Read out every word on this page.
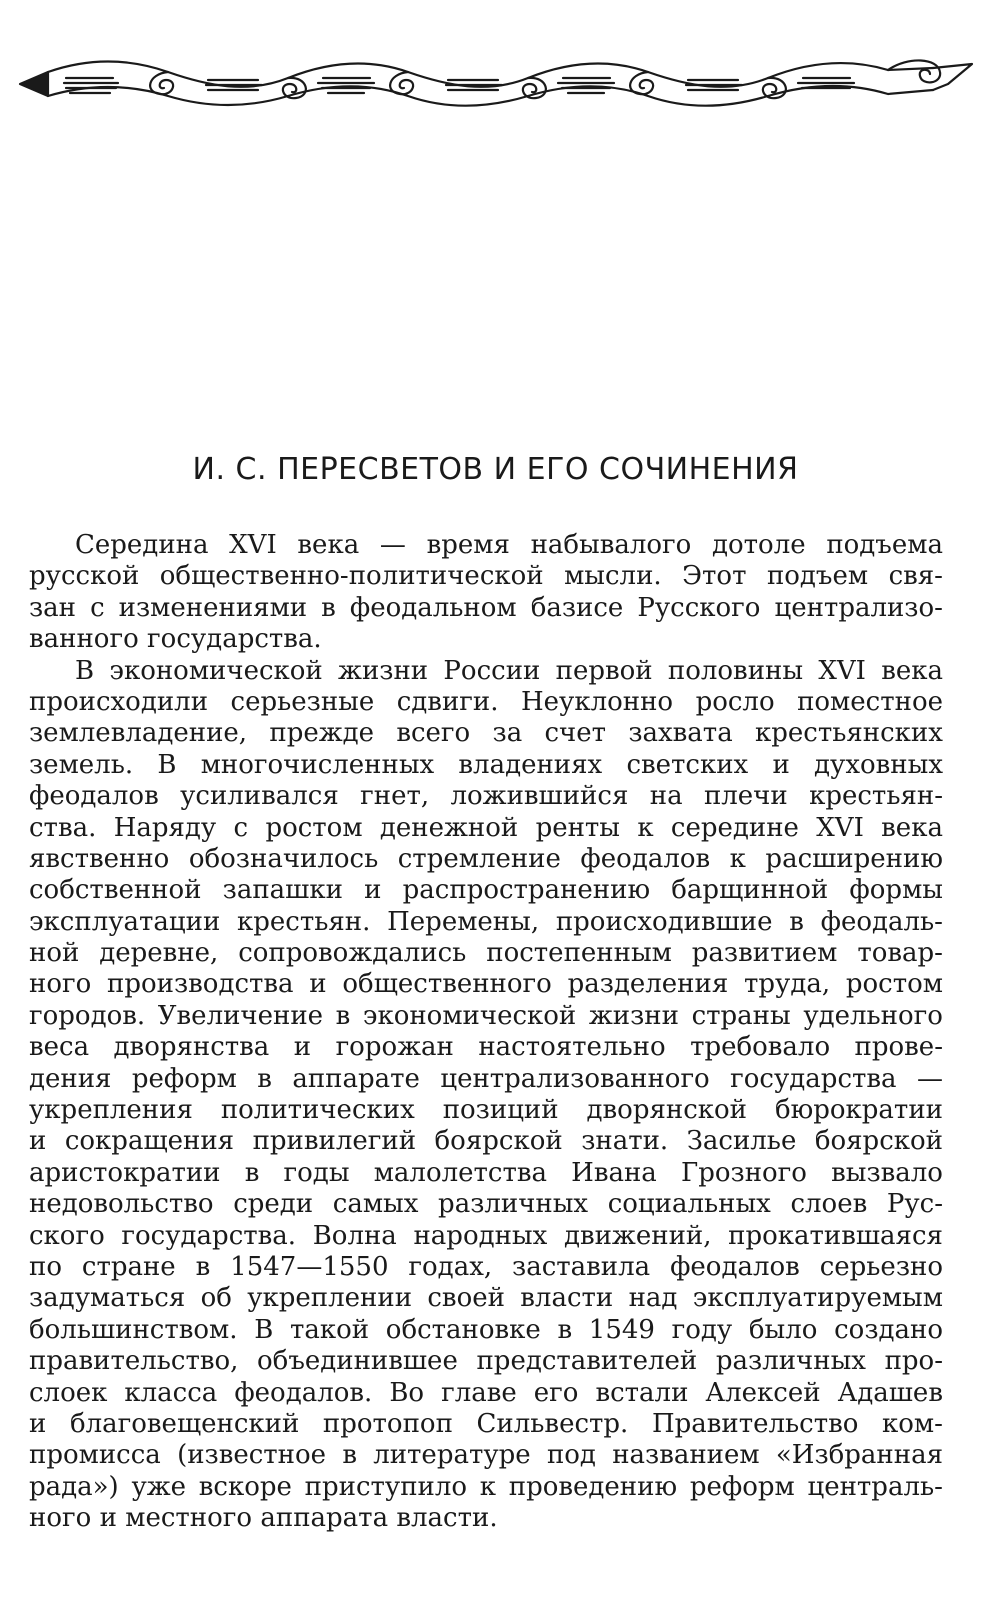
И. С. ПЕРЕСВЕТОВ И ЕГО СОЧИНЕНИЯ
Середина XVI века — время набывалого дотоле подъема
русской общественно-политической мысли. Этот подъем свя-
зан с изменениями в феодальном базисе Русского централизо-
ванного государства.
В экономической жизни России первой половины XVI века
происходили серьезные сдвиги. Неуклонно росло поместное
землевладение, прежде всего за счет захвата крестьянских
земель. В многочисленных владениях светских и духовных
феодалов усиливался гнет, ложившийся на плечи крестьян-
ства. Наряду с ростом денежной ренты к середине XVI века
явственно обозначилось стремление феодалов к расширению
собственной запашки и распространению барщинной формы
эксплуатации крестьян. Перемены, происходившие в феодаль-
ной деревне, сопровождались постепенным развитием товар-
ного производства и общественного разделения труда, ростом
городов. Увеличение в экономической жизни страны удельного
веса дворянства и горожан настоятельно требовало прове-
дения реформ в аппарате централизованного государства —
укрепления политических позиций дворянской бюрократии
и сокращения привилегий боярской знати. Засилье боярской
аристократии в годы малолетства Ивана Грозного вызвало
недовольство среди самых различных социальных слоев Рус-
ского государства. Волна народных движений, прокатившаяся
по стране в 1547—1550 годах, заставила феодалов серьезно
задуматься об укреплении своей власти над эксплуатируемым
большинством. В такой обстановке в 1549 году было создано
правительство, объединившее представителей различных про-
слоек класса феодалов. Во главе его встали Алексей Адашев
и благовещенский протопоп Сильвестр. Правительство ком-
промисса (известное в литературе под названием «Избранная
рада») уже вскоре приступило к проведению реформ централь-
ного и местного аппарата власти.
